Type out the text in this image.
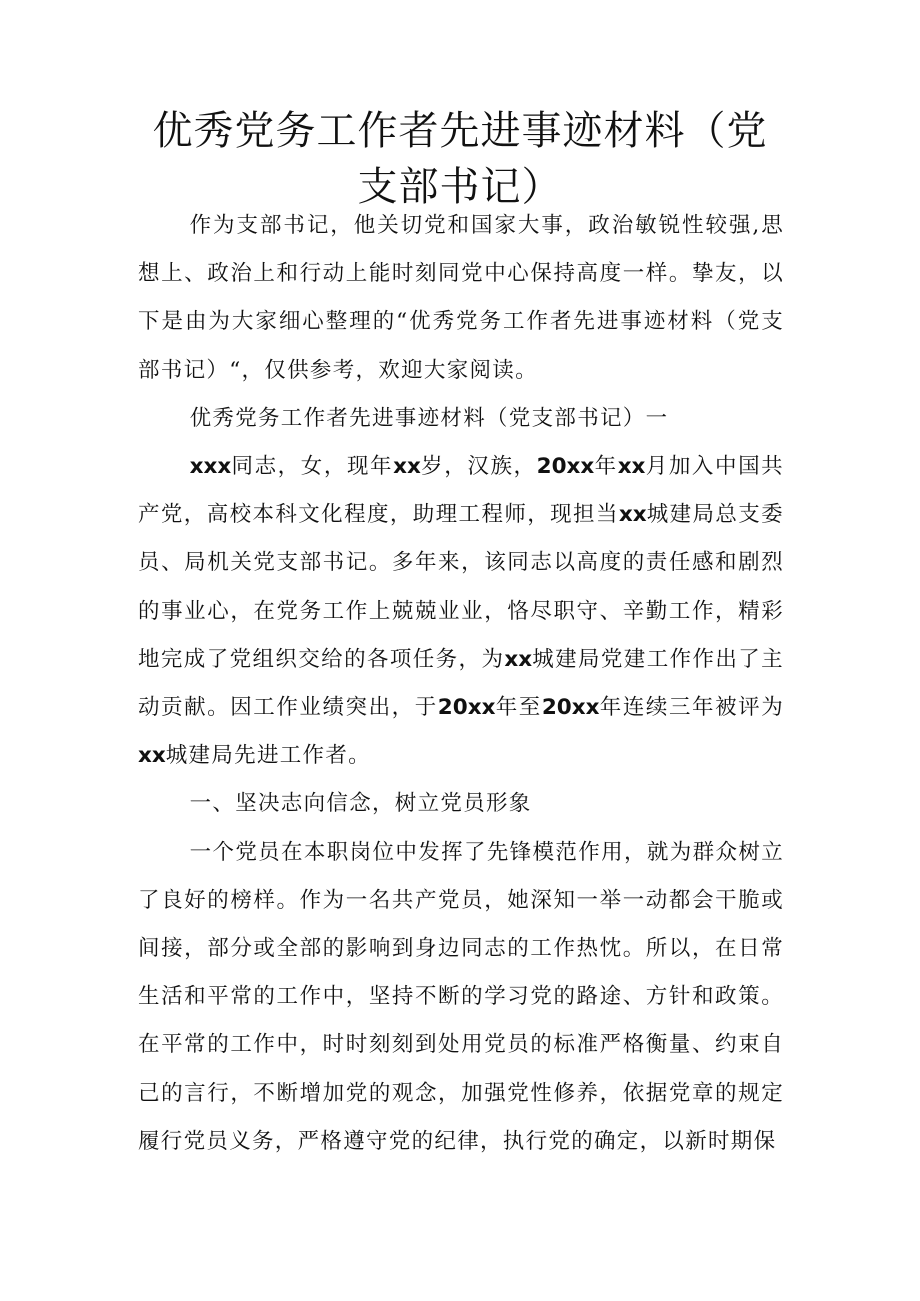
优秀党务工作者先进事迹材料（党支部书记）

作为支部书记，他关切党和国家大事，政治敏锐性较强,思想上、政治上和行动上能时刻同党中心保持高度一样。挚友，以下是由为大家细心整理的“优秀党务工作者先进事迹材料（党支部书记）“，仅供参考，欢迎大家阅读。

优秀党务工作者先进事迹材料（党支部书记）一

xxx同志，女，现年xx岁，汉族，20xx年xx月加入中国共产党，高校本科文化程度，助理工程师，现担当xx城建局总支委员、局机关党支部书记。多年来，该同志以高度的责任感和剧烈的事业心，在党务工作上兢兢业业，恪尽职守、辛勤工作，精彩地完成了党组织交给的各项任务，为xx城建局党建工作作出了主动贡献。因工作业绩突出，于20xx年至20xx年连续三年被评为xx城建局先进工作者。

一、坚决志向信念，树立党员形象

一个党员在本职岗位中发挥了先锋模范作用，就为群众树立了良好的榜样。作为一名共产党员，她深知一举一动都会干脆或间接，部分或全部的影响到身边同志的工作热忱。所以，在日常生活和平常的工作中，坚持不断的学习党的路途、方针和政策。在平常的工作中，时时刻刻到处用党员的标准严格衡量、约束自己的言行，不断增加党的观念，加强党性修养，依据党章的规定履行党员义务，严格遵守党的纪律，执行党的确定，以新时期保
